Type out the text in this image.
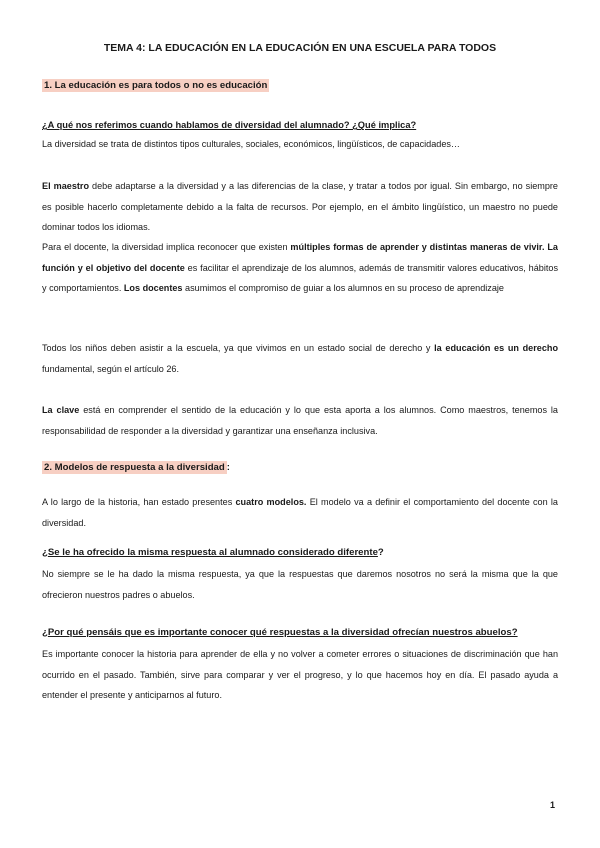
TEMA 4: LA EDUCACIÓN EN LA EDUCACIÓN EN UNA ESCUELA PARA TODOS
1. La educación es para todos o no es educación
¿A qué nos referimos cuando hablamos de diversidad del alumnado? ¿Qué implica?
La diversidad se trata de distintos tipos culturales, sociales, económicos, lingüísticos, de capacidades…
El maestro debe adaptarse a la diversidad y a las diferencias de la clase, y tratar a todos por igual. Sin embargo, no siempre es posible hacerlo completamente debido a la falta de recursos. Por ejemplo, en el ámbito lingüístico, un maestro no puede dominar todos los idiomas.
Para el docente, la diversidad implica reconocer que existen múltiples formas de aprender y distintas maneras de vivir. La función y el objetivo del docente es facilitar el aprendizaje de los alumnos, además de transmitir valores educativos, hábitos y comportamientos. Los docentes asumimos el compromiso de guiar a los alumnos en su proceso de aprendizaje
Todos los niños deben asistir a la escuela, ya que vivimos en un estado social de derecho y la educación es un derecho fundamental, según el artículo 26.
La clave está en comprender el sentido de la educación y lo que esta aporta a los alumnos. Como maestros, tenemos la responsabilidad de responder a la diversidad y garantizar una enseñanza inclusiva.
2. Modelos de respuesta a la diversidad :
A lo largo de la historia, han estado presentes cuatro modelos. El modelo va a definir el comportamiento del docente con la diversidad.
¿Se le ha ofrecido la misma respuesta al alumnado considerado diferente?
No siempre se le ha dado la misma respuesta, ya que la respuestas que daremos nosotros no será la misma que la que ofrecieron nuestros padres o abuelos.
¿Por qué pensáis que es importante conocer qué respuestas a la diversidad ofrecían nuestros abuelos?
Es importante conocer la historia para aprender de ella y no volver a cometer errores o situaciones de discriminación que han ocurrido en el pasado. También, sirve para comparar y ver el progreso, y lo que hacemos hoy en día. El pasado ayuda a entender el presente y anticiparnos al futuro.
1
